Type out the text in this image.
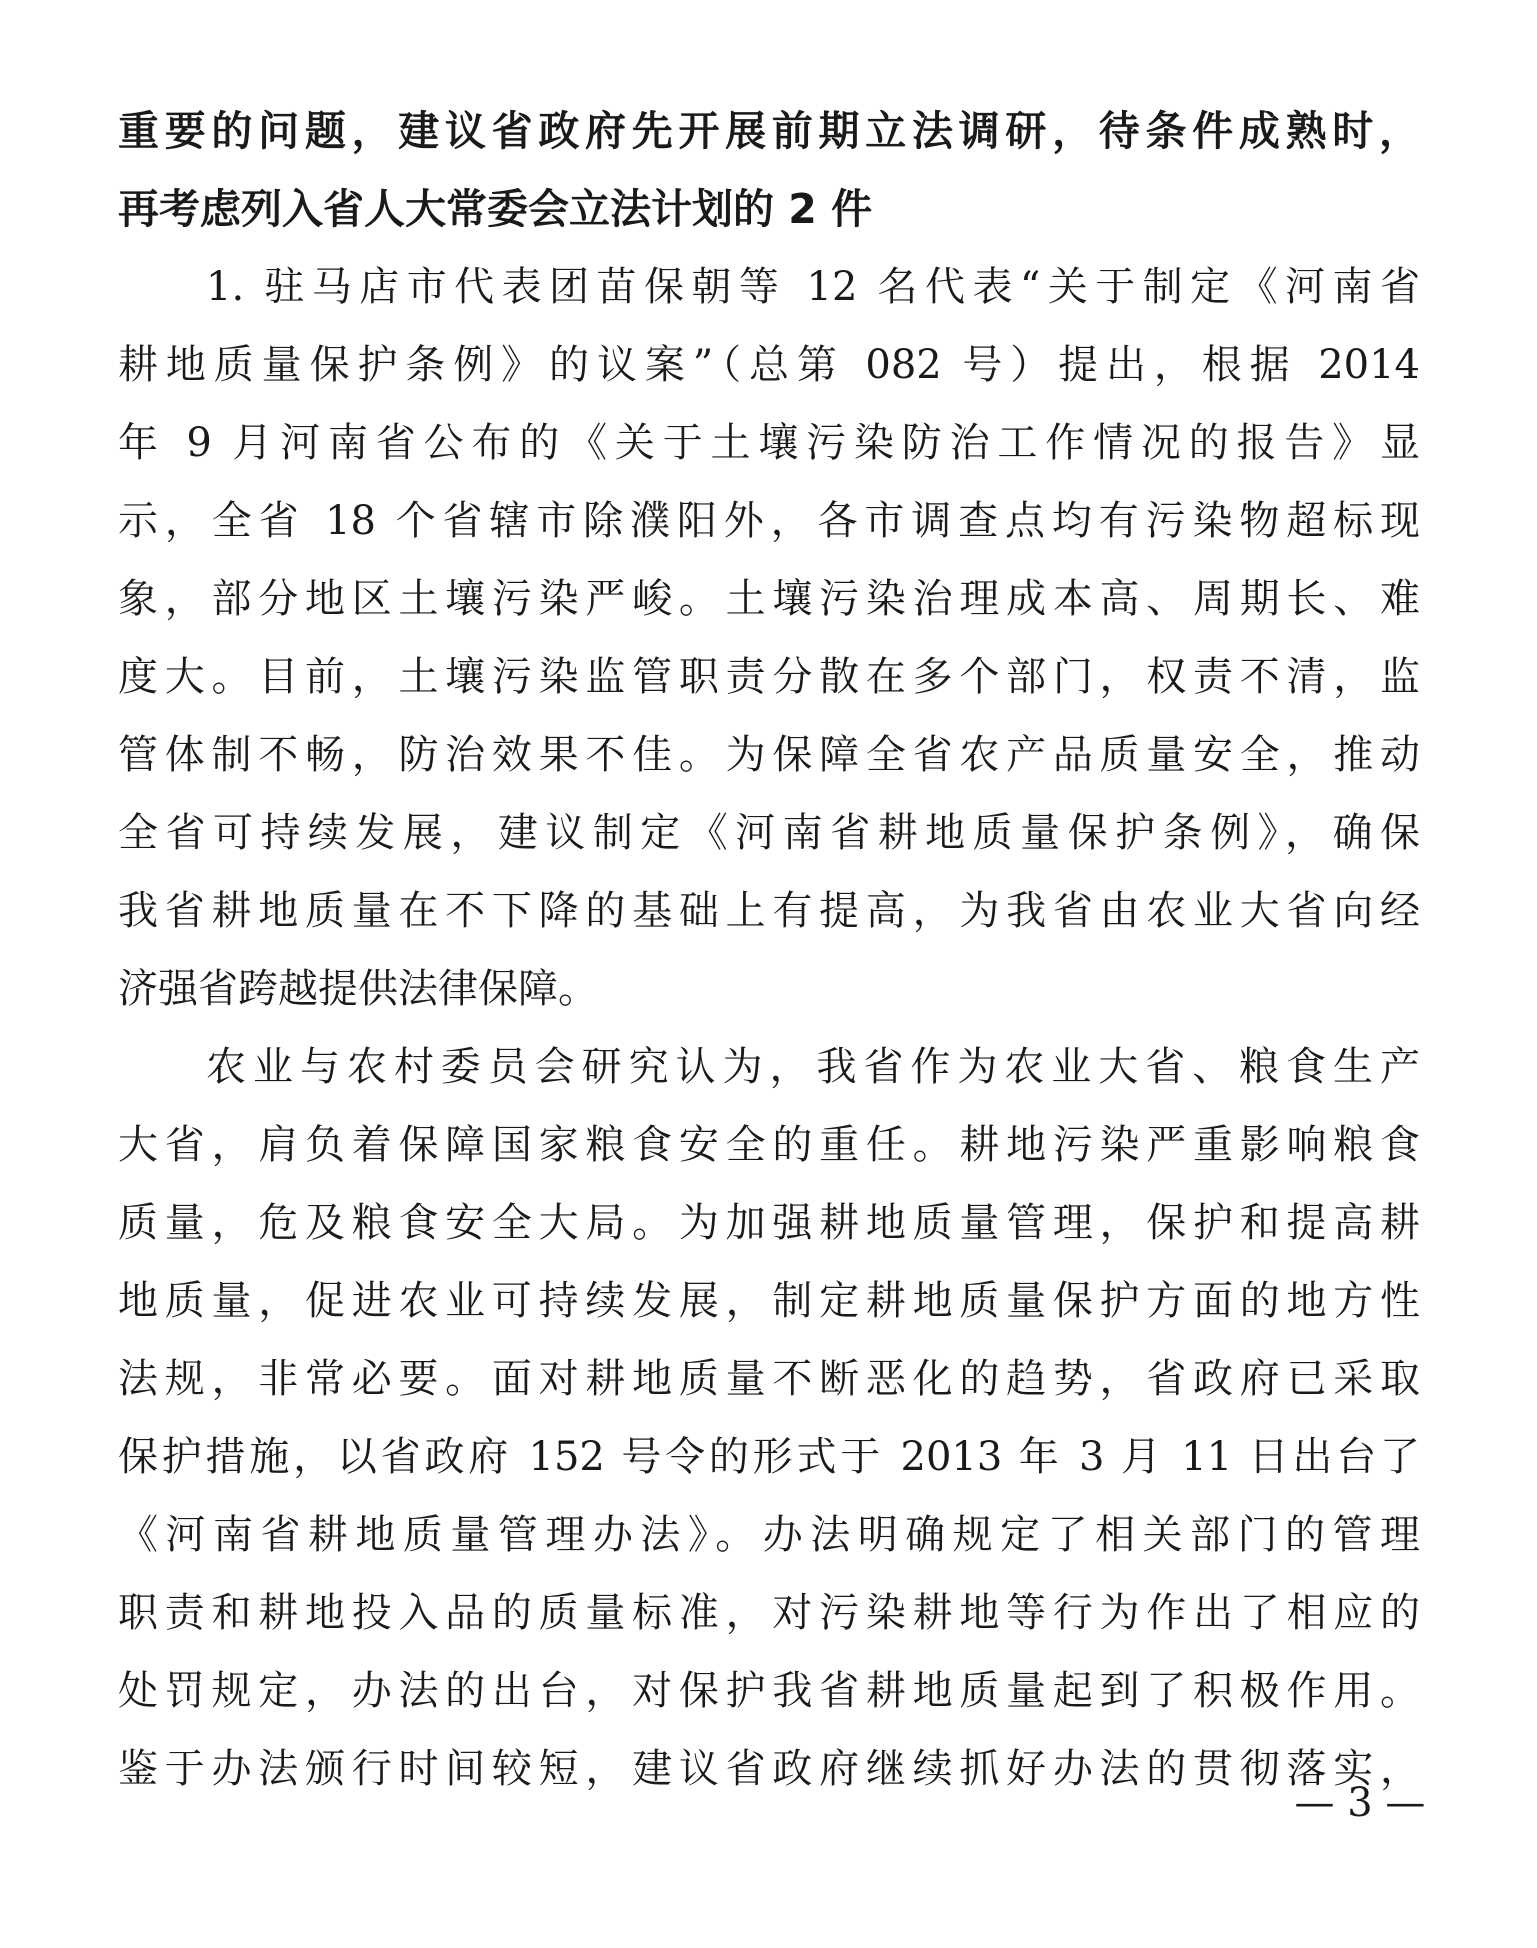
重要的问题，建议省政府先开展前期立法调研，待条件成熟时，
再考虑列入省人大常委会立法计划的 2 件
1. 驻马店市代表团苗保朝等 12 名代表“关于制定《河南省
耕地质量保护条例》的议案”（总第 082 号）提出，根据 2014
年 9 月河南省公布的《关于土壤污染防治工作情况的报告》显
示，全省 18 个省辖市除濮阳外，各市调查点均有污染物超标现
象，部分地区土壤污染严峻。土壤污染治理成本高、周期长、难
度大。目前，土壤污染监管职责分散在多个部门，权责不清，监
管体制不畅，防治效果不佳。为保障全省农产品质量安全，推动
全省可持续发展，建议制定《河南省耕地质量保护条例》，确保
我省耕地质量在不下降的基础上有提高，为我省由农业大省向经
济强省跨越提供法律保障。
农业与农村委员会研究认为，我省作为农业大省、粮食生产
大省，肩负着保障国家粮食安全的重任。耕地污染严重影响粮食
质量，危及粮食安全大局。为加强耕地质量管理，保护和提高耕
地质量，促进农业可持续发展，制定耕地质量保护方面的地方性
法规，非常必要。面对耕地质量不断恶化的趋势，省政府已采取
保护措施，以省政府 152 号令的形式于 2013 年 3 月 11 日出台了
《河南省耕地质量管理办法》。办法明确规定了相关部门的管理
职责和耕地投入品的质量标准，对污染耕地等行为作出了相应的
处罚规定，办法的出台，对保护我省耕地质量起到了积极作用。
鉴于办法颁行时间较短，建议省政府继续抓好办法的贯彻落实，
— 3 —
